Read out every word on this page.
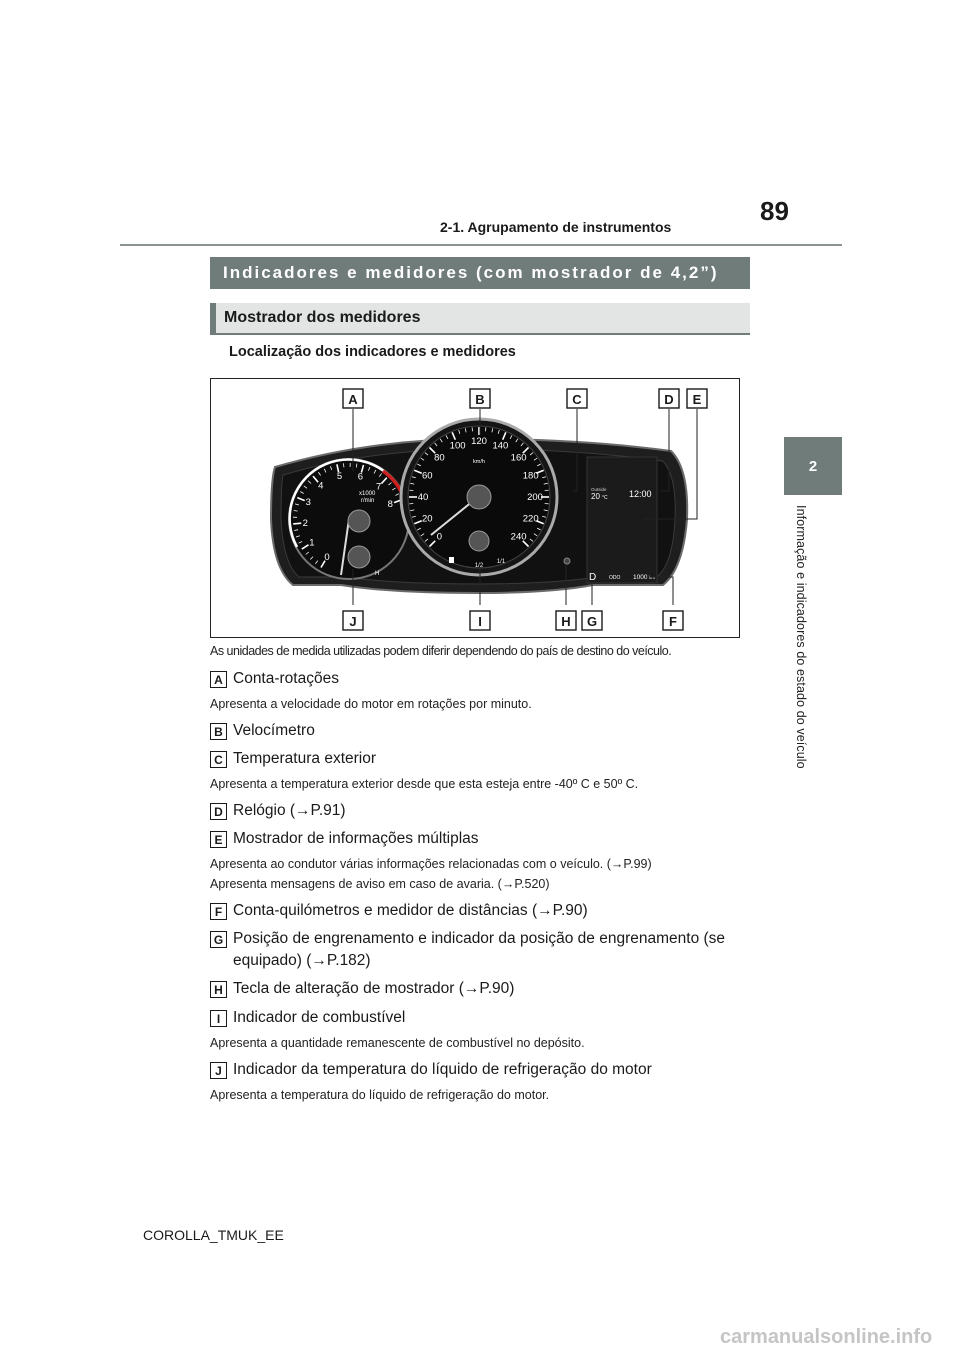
89
2-1. Agrupamento de instrumentos
2
Informação e indicadores do estado do veículo
Indicadores e medidores (com mostrador de 4,2”)
Mostrador dos medidores
Localização dos indicadores e medidores
0
1
2
3
4
5 6
7
8
x1000
r/min
H
0
20
40
60
80
100 120 140
160
180
200
220
240
km/h
1/2
1/1
Outside
20 °C 12:00
D	ODO 1000 km
A	B	C	D E
J	I	H G	F
As unidades de medida utilizadas podem diferir dependendo do país de destino do veículo.
A Conta-rotações
Apresenta a velocidade do motor em rotações por minuto.
B Velocímetro
C Temperatura exterior
Apresenta a temperatura exterior desde que esta esteja entre -40º C e 50º C.
D Relógio (→P.91)
E Mostrador de informações múltiplas
Apresenta ao condutor várias informações relacionadas com o veículo. (→P.99)
Apresenta mensagens de aviso em caso de avaria. (→P.520)
F Conta-quilómetros e medidor de distâncias (→P.90)
G Posição de engrenamento e indicador da posição de engrenamento (se
equipado) (→P.182)
H Tecla de alteração de mostrador (→P.90)
I Indicador de combustível
Apresenta a quantidade remanescente de combustível no depósito.
J Indicador da temperatura do líquido de refrigeração do motor
Apresenta a temperatura do líquido de refrigeração do motor.
COROLLA_TMUK_EE
carmanualsonline.info
